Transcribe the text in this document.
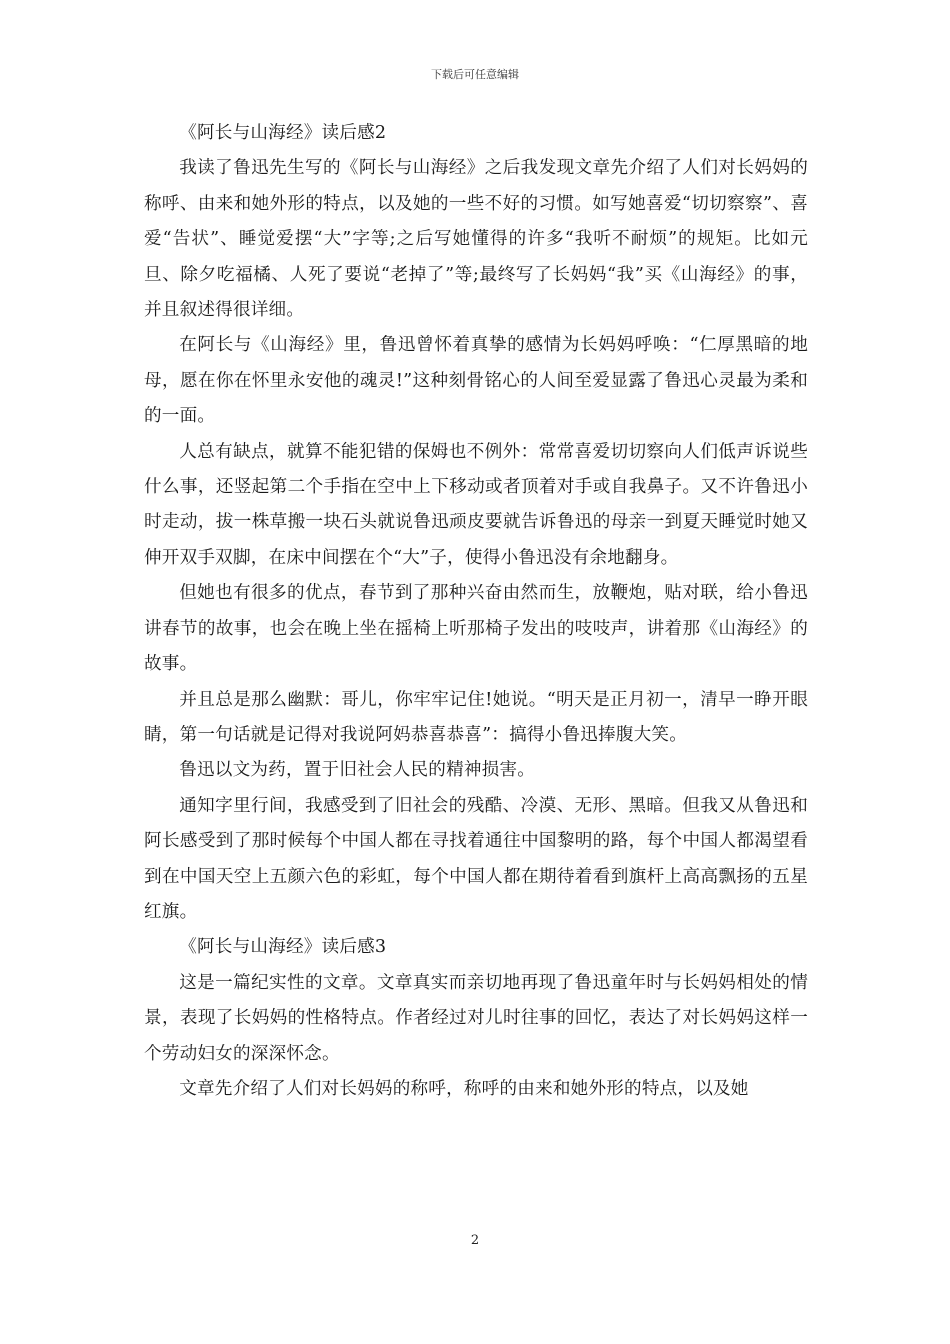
下载后可任意编辑

《阿长与山海经》读后感2

我读了鲁迅先生写的《阿长与山海经》之后我发现文章先介绍了人们对长妈妈的称呼、由来和她外形的特点，以及她的一些不好的习惯。如写她喜爱“切切察察”、喜爱“告状”、睡觉爱摆“大”字等;之后写她懂得的许多“我听不耐烦”的规矩。比如元旦、除夕吃福橘、人死了要说“老掉了”等;最终写了长妈妈“我”买《山海经》的事，并且叙述得很详细。

在阿长与《山海经》里，鲁迅曾怀着真挚的感情为长妈妈呼唤：“仁厚黑暗的地母，愿在你在怀里永安他的魂灵!”这种刻骨铭心的人间至爱显露了鲁迅心灵最为柔和的一面。

人总有缺点，就算不能犯错的保姆也不例外：常常喜爱切切察向人们低声诉说些什么事，还竖起第二个手指在空中上下移动或者顶着对手或自我鼻子。又不许鲁迅小时走动，拔一株草搬一块石头就说鲁迅顽皮要就告诉鲁迅的母亲一到夏天睡觉时她又伸开双手双脚，在床中间摆在个“大”子，使得小鲁迅没有余地翻身。

但她也有很多的优点，春节到了那种兴奋由然而生，放鞭炮，贴对联，给小鲁迅讲春节的故事，也会在晚上坐在摇椅上听那椅子发出的吱吱声，讲着那《山海经》的故事。

并且总是那么幽默：哥儿，你牢牢记住!她说。“明天是正月初一，清早一睁开眼睛，第一句话就是记得对我说阿妈恭喜恭喜”：搞得小鲁迅捧腹大笑。

鲁迅以文为药，置于旧社会人民的精神损害。

通知字里行间，我感受到了旧社会的残酷、冷漠、无形、黑暗。但我又从鲁迅和阿长感受到了那时候每个中国人都在寻找着通往中国黎明的路，每个中国人都渴望看到在中国天空上五颜六色的彩虹，每个中国人都在期待着看到旗杆上高高飘扬的五星红旗。

《阿长与山海经》读后感3

这是一篇纪实性的文章。文章真实而亲切地再现了鲁迅童年时与长妈妈相处的情景，表现了长妈妈的性格特点。作者经过对儿时往事的回忆，表达了对长妈妈这样一个劳动妇女的深深怀念。

文章先介绍了人们对长妈妈的称呼，称呼的由来和她外形的特点，以及她

2
